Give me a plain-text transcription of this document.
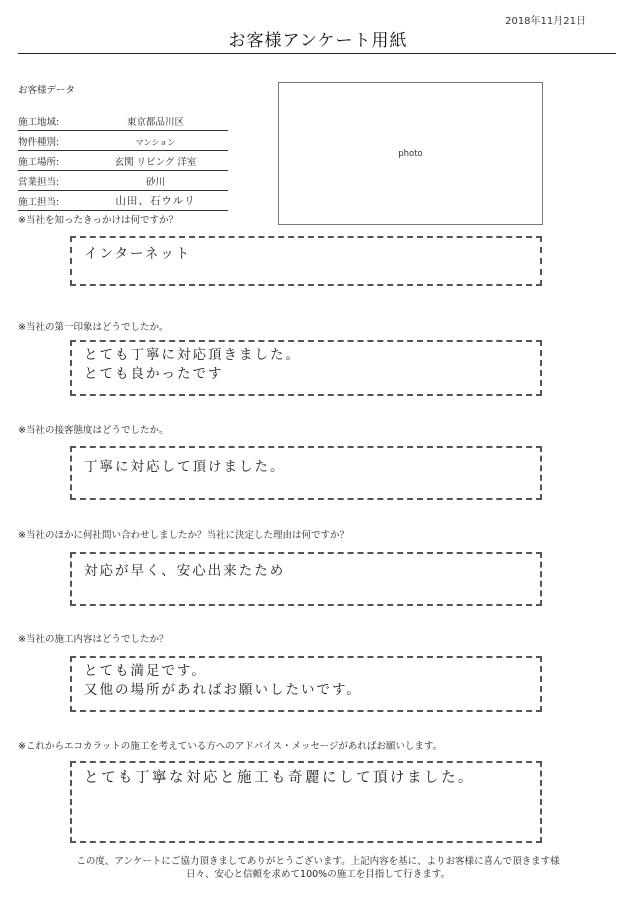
2018年11月21日
お客様アンケート用紙
お客様データ
施工地域:	東京都品川区
物件種別:	マンション
施工場所:	玄関 リビング 洋室
営業担当:	砂川
施工担当:	山田、石ウルリ
photo
※当社を知ったきっかけは何ですか？
インターネット
※当社の第一印象はどうでしたか。
とても丁寧に対応頂きました。
とても良かったです
※当社の接客態度はどうでしたか。
丁寧に対応して頂けました。
※当社のほかに何社問い合わせしましたか？当社に決定した理由は何ですか？
対応が早く、安心出来たため
※当社の施工内容はどうでしたか？
とても満足です。
又他の場所があればお願いしたいです。
※これからエコカラットの施工を考えている方へのアドバイス・メッセージがあればお願いします。
とても丁寧な対応と施工も奇麗にして頂けました。
この度、アンケートにご協力頂きましてありがとうございます。上記内容を基に、よりお客様に喜んで頂きます様
日々、安心と信頼を求めて100%の施工を目指して行きます。
